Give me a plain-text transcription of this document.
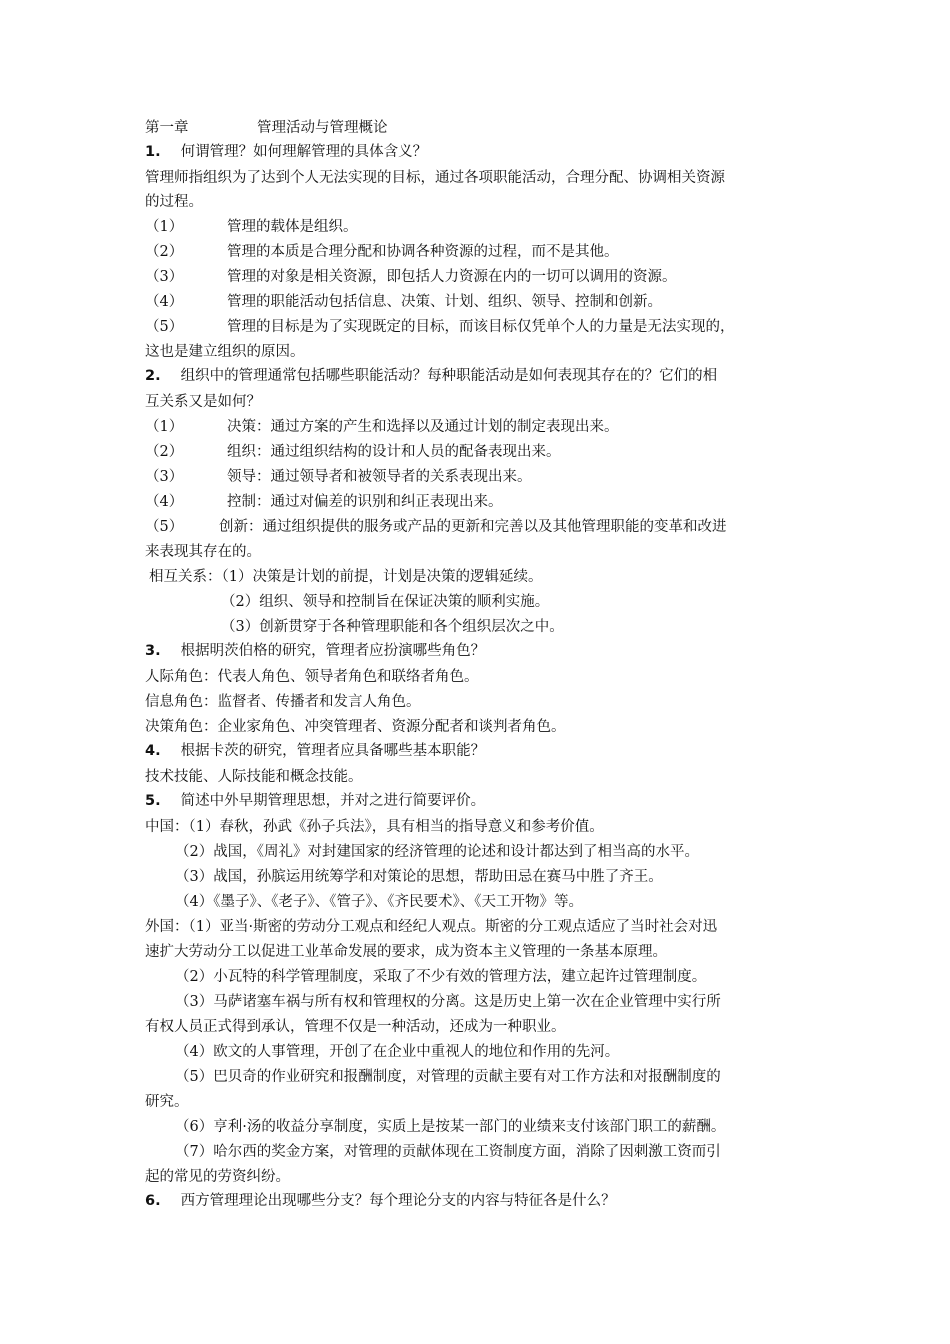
第一章	管理活动与管理概论
1. 何谓管理？如何理解管理的具体含义？
管理师指组织为了达到个人无法实现的目标，通过各项职能活动，合理分配、协调相关资源
的过程。
（1）	管理的载体是组织。
（2）	管理的本质是合理分配和协调各种资源的过程，而不是其他。
（3）	管理的对象是相关资源，即包括人力资源在内的一切可以调用的资源。
（4）	管理的职能活动包括信息、决策、计划、组织、领导、控制和创新。
（5）	管理的目标是为了实现既定的目标，而该目标仅凭单个人的力量是无法实现的，
这也是建立组织的原因。
2. 组织中的管理通常包括哪些职能活动？每种职能活动是如何表现其存在的？它们的相
互关系又是如何？
（1）	决策：通过方案的产生和选择以及通过计划的制定表现出来。
（2）	组织：通过组织结构的设计和人员的配备表现出来。
（3）	领导：通过领导者和被领导者的关系表现出来。
（4）	控制：通过对偏差的识别和纠正表现出来。
（5） 创新：通过组织提供的服务或产品的更新和完善以及其他管理职能的变革和改进
来表现其存在的。
相互关系：（1）决策是计划的前提，计划是决策的逻辑延续。
（2）组织、领导和控制旨在保证决策的顺利实施。
（3）创新贯穿于各种管理职能和各个组织层次之中。
3. 根据明茨伯格的研究，管理者应扮演哪些角色？
人际角色：代表人角色、领导者角色和联络者角色。
信息角色：监督者、传播者和发言人角色。
决策角色：企业家角色、冲突管理者、资源分配者和谈判者角色。
4. 根据卡茨的研究，管理者应具备哪些基本职能？
技术技能、人际技能和概念技能。
5. 简述中外早期管理思想，并对之进行简要评价。
中国：（1）春秋，孙武《孙子兵法》，具有相当的指导意义和参考价值。
（2）战国，《周礼》对封建国家的经济管理的论述和设计都达到了相当高的水平。
（3）战国，孙膑运用统筹学和对策论的思想，帮助田忌在赛马中胜了齐王。
（4）《墨子》、《老子》、《管子》、《齐民要术》、《天工开物》等。
外国：（1）亚当·斯密的劳动分工观点和经纪人观点。斯密的分工观点适应了当时社会对迅
速扩大劳动分工以促进工业革命发展的要求，成为资本主义管理的一条基本原理。
（2）小瓦特的科学管理制度，采取了不少有效的管理方法，建立起许过管理制度。
（3）马萨诸塞车祸与所有权和管理权的分离。这是历史上第一次在企业管理中实行所
有权人员正式得到承认，管理不仅是一种活动，还成为一种职业。
（4）欧文的人事管理，开创了在企业中重视人的地位和作用的先河。
（5）巴贝奇的作业研究和报酬制度，对管理的贡献主要有对工作方法和对报酬制度的
研究。
（6）亨利·汤的收益分享制度，实质上是按某一部门的业绩来支付该部门职工的薪酬。
（7）哈尔西的奖金方案，对管理的贡献体现在工资制度方面，消除了因刺激工资而引
起的常见的劳资纠纷。
6. 西方管理理论出现哪些分支？每个理论分支的内容与特征各是什么？
